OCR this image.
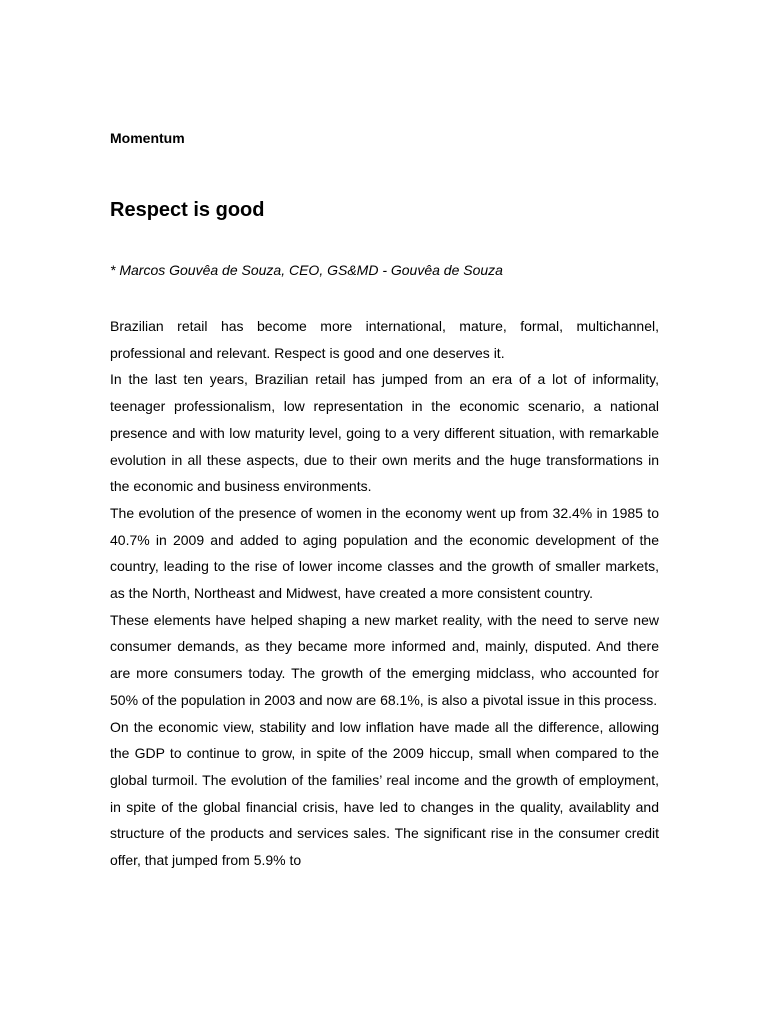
Momentum
Respect is good
* Marcos Gouvêa de Souza, CEO, GS&MD - Gouvêa de Souza

Brazilian retail has become more international, mature, formal, multichannel, professional and relevant. Respect is good and one deserves it.

In the last ten years, Brazilian retail has jumped from an era of a lot of informality, teenager professionalism, low representation in the economic scenario, a national presence and with low maturity level, going to a very different situation, with remarkable evolution in all these aspects, due to their own merits and the huge transformations in the economic and business environments.

The evolution of the presence of women in the economy went up from 32.4% in 1985 to 40.7% in 2009 and added to aging population and the economic development of the country, leading to the rise of lower income classes and the growth of smaller markets, as the North, Northeast and Midwest, have created a more consistent country.

These elements have helped shaping a new market reality, with the need to serve new consumer demands, as they became more informed and, mainly, disputed. And there are more consumers today. The growth of the emerging midclass, who accounted for 50% of the population in 2003 and now are 68.1%, is also a pivotal issue in this process.

On the economic view, stability and low inflation have made all the difference, allowing the GDP to continue to grow, in spite of the 2009 hiccup, small when compared to the global turmoil. The evolution of the families’ real income and the growth of employment, in spite of the global financial crisis, have led to changes in the quality, availablity and structure of the products and services sales. The significant rise in the consumer credit offer, that jumped from 5.9% to
